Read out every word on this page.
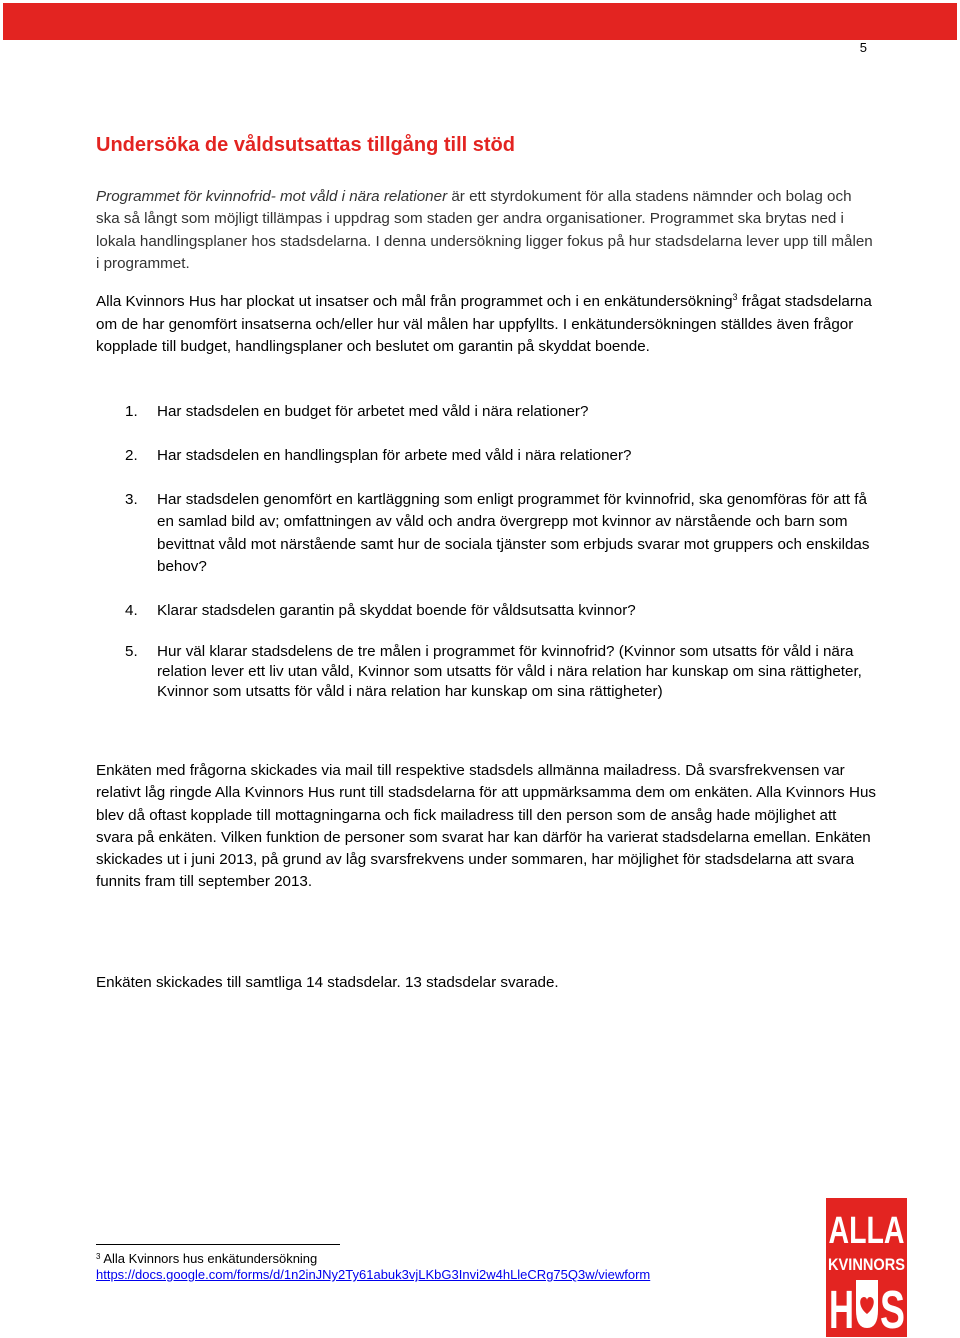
5
Undersöka de våldsutsattas tillgång till stöd

Programmet för kvinnofrid- mot våld i nära relationer är ett styrdokument för alla stadens nämnder och bolag och ska så långt som möjligt tillämpas i uppdrag som staden ger andra organisationer. Programmet ska brytas ned i lokala handlingsplaner hos stadsdelarna. I denna undersökning ligger fokus på hur stadsdelarna lever upp till målen i programmet.

Alla Kvinnors Hus har plockat ut insatser och mål från programmet och i en enkätundersökning$^3$ frågat stadsdelarna om de har genomfört insatserna och/eller hur väl målen har uppfyllts. I enkätundersökningen ställdes även frågor kopplade till budget, handlingsplaner och beslutet om garantin på skyddat boende.

1. Har stadsdelen en budget för arbetet med våld i nära relationer?
2. Har stadsdelen en handlingsplan för arbete med våld i nära relationer?
3. Har stadsdelen genomfört en kartläggning som enligt programmet för kvinnofrid, ska genomföras för att få en samlad bild av; omfattningen av våld och andra övergrepp mot kvinnor av närstående och barn som bevittnat våld mot närstående samt hur de sociala tjänster som erbjuds svarar mot gruppers och enskildas behov?
4. Klarar stadsdelen garantin på skyddat boende för våldsutsatta kvinnor?
5. Hur väl klarar stadsdelens de tre målen i programmet för kvinnofrid? (Kvinnor som utsatts för våld i nära relation lever ett liv utan våld, Kvinnor som utsatts för våld i nära relation har kunskap om sina rättigheter, Kvinnor som utsatts för våld i nära relation har kunskap om sina rättigheter)

Enkäten med frågorna skickades via mail till respektive stadsdels allmänna mailadress. Då svarsfrekvensen var relativt låg ringde Alla Kvinnors Hus runt till stadsdelarna för att uppmärksamma dem om enkäten. Alla Kvinnors Hus blev då oftast kopplade till mottagningarna och fick mailadress till den person som de ansåg hade möjlighet att svara på enkäten. Vilken funktion de personer som svarat har kan därför ha varierat stadsdelarna emellan. Enkäten skickades ut i juni 2013, på grund av låg svarsfrekvens under sommaren, har möjlighet för stadsdelarna att svara funnits fram till september 2013.

Enkäten skickades till samtliga 14 stadsdelar. 13 stadsdelar svarade.

$^3$ Alla Kvinnors hus enkätundersökning
https://docs.google.com/forms/d/1n2inJNy2Ty61abuk3vjLKbG3Invi2w4hLleCRg75Q3w/viewform
ALLA
KVINNORS
H S
